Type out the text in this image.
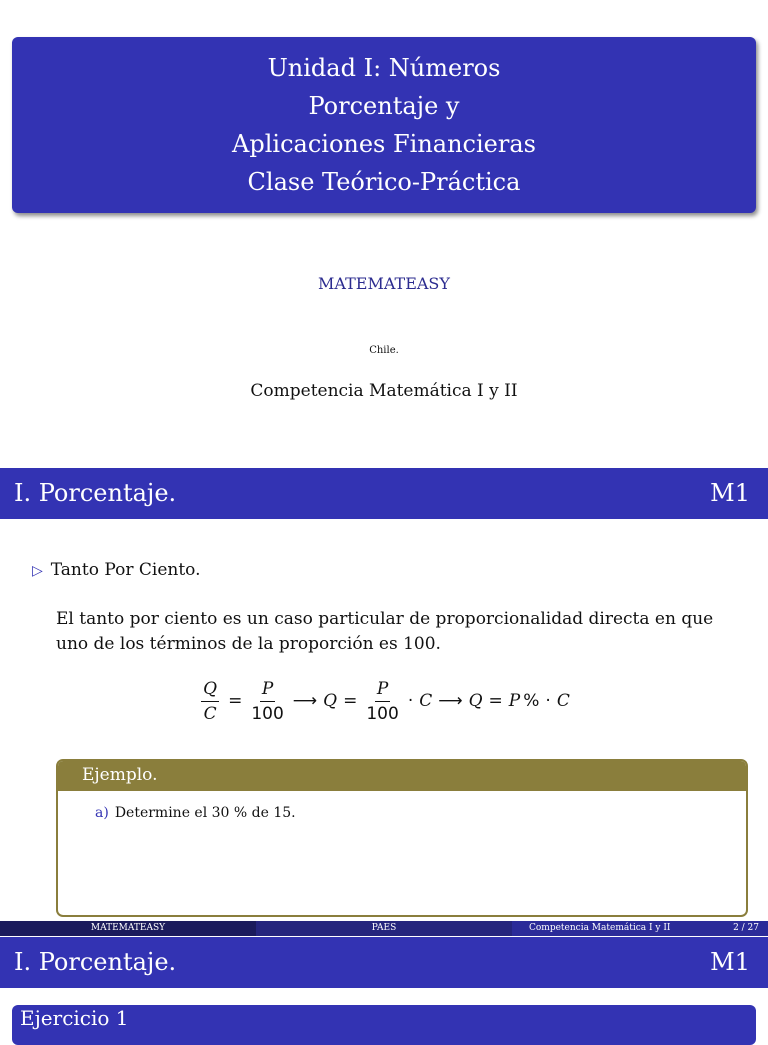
Unidad I: Números
Porcentaje y
Aplicaciones Financieras
Clase Teórico-Práctica
MATEMATEASY
Chile.
Competencia Matemática I y II
I. Porcentaje.	M1
▷ Tanto Por Ciento.
El tanto por ciento es un caso particular de proporcionalidad directa en que uno de los términos de la proporción es 100.
$\frac{Q}{C} = \frac{P}{100}$ ⟶ $Q = \frac{P}{100} \cdot C$ ⟶ Q = P % · C
Ejemplo.
a) Determine el 30 % de 15.
MATEMATEASY	PAES	Competencia Matemática I y II	2 / 27
I. Porcentaje.	M1
Ejercicio 1
